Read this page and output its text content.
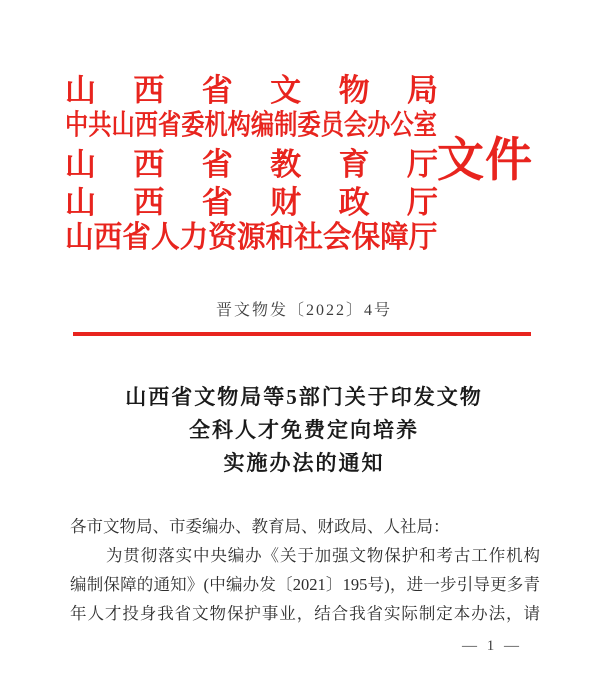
山 西 省 文 物 局
中共山西省委机构编制委员会办公室
山 西 省 教 育 厅
山 西 省 财 政 厅
山西省人力资源和社会保障厅
文件
晋文物发〔2022〕4号
山西省文物局等5部门关于印发文物
全科人才免费定向培养
实施办法的通知
各市文物局、市委编办、教育局、财政局、人社局：
为贯彻落实中央编办《关于加强文物保护和考古工作机构
编制保障的通知》(中编办发〔2021〕195号)，进一步引导更多青
年人才投身我省文物保护事业，结合我省实际制定本办法，请
— 1 —
